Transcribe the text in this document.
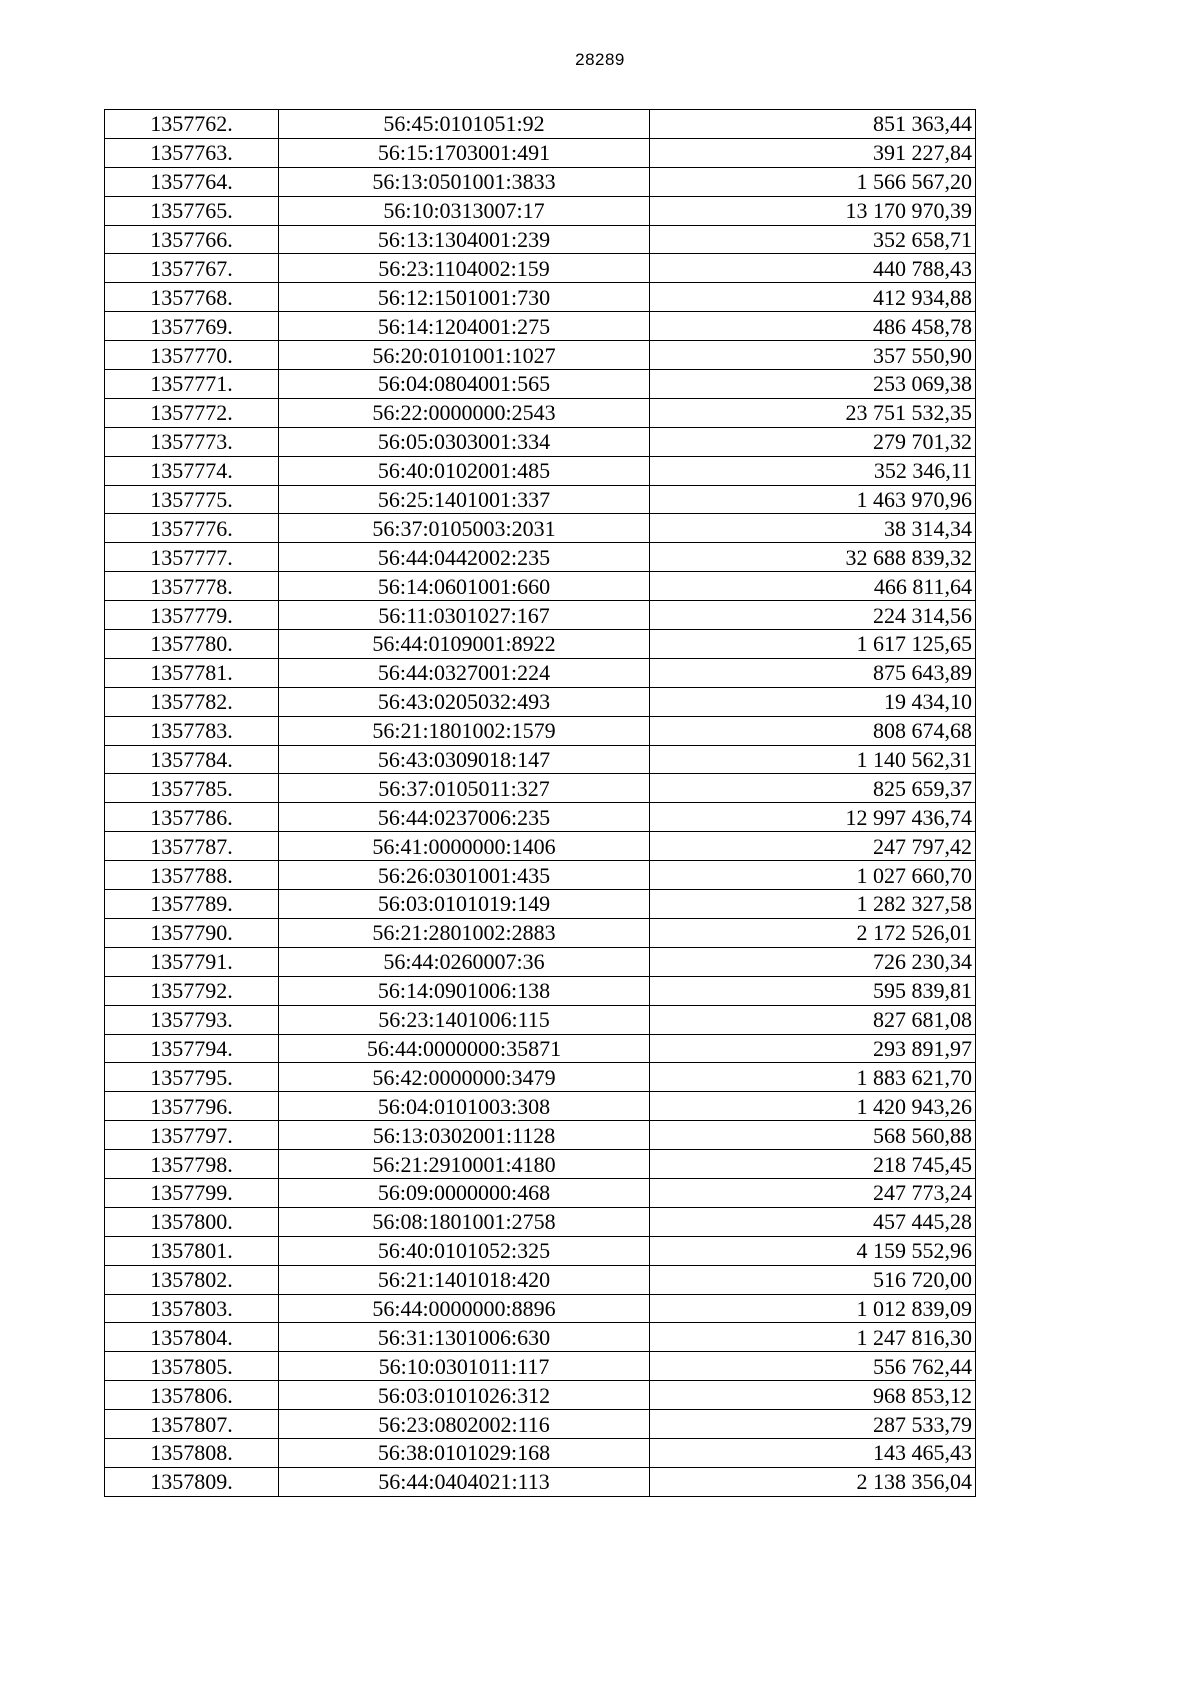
28289
1357762.	56:45:0101051:92	851 363,44
1357763.	56:15:1703001:491	391 227,84
1357764.	56:13:0501001:3833	1 566 567,20
1357765.	56:10:0313007:17	13 170 970,39
1357766.	56:13:1304001:239	352 658,71
1357767.	56:23:1104002:159	440 788,43
1357768.	56:12:1501001:730	412 934,88
1357769.	56:14:1204001:275	486 458,78
1357770.	56:20:0101001:1027	357 550,90
1357771.	56:04:0804001:565	253 069,38
1357772.	56:22:0000000:2543	23 751 532,35
1357773.	56:05:0303001:334	279 701,32
1357774.	56:40:0102001:485	352 346,11
1357775.	56:25:1401001:337	1 463 970,96
1357776.	56:37:0105003:2031	38 314,34
1357777.	56:44:0442002:235	32 688 839,32
1357778.	56:14:0601001:660	466 811,64
1357779.	56:11:0301027:167	224 314,56
1357780.	56:44:0109001:8922	1 617 125,65
1357781.	56:44:0327001:224	875 643,89
1357782.	56:43:0205032:493	19 434,10
1357783.	56:21:1801002:1579	808 674,68
1357784.	56:43:0309018:147	1 140 562,31
1357785.	56:37:0105011:327	825 659,37
1357786.	56:44:0237006:235	12 997 436,74
1357787.	56:41:0000000:1406	247 797,42
1357788.	56:26:0301001:435	1 027 660,70
1357789.	56:03:0101019:149	1 282 327,58
1357790.	56:21:2801002:2883	2 172 526,01
1357791.	56:44:0260007:36	726 230,34
1357792.	56:14:0901006:138	595 839,81
1357793.	56:23:1401006:115	827 681,08
1357794.	56:44:0000000:35871	293 891,97
1357795.	56:42:0000000:3479	1 883 621,70
1357796.	56:04:0101003:308	1 420 943,26
1357797.	56:13:0302001:1128	568 560,88
1357798.	56:21:2910001:4180	218 745,45
1357799.	56:09:0000000:468	247 773,24
1357800.	56:08:1801001:2758	457 445,28
1357801.	56:40:0101052:325	4 159 552,96
1357802.	56:21:1401018:420	516 720,00
1357803.	56:44:0000000:8896	1 012 839,09
1357804.	56:31:1301006:630	1 247 816,30
1357805.	56:10:0301011:117	556 762,44
1357806.	56:03:0101026:312	968 853,12
1357807.	56:23:0802002:116	287 533,79
1357808.	56:38:0101029:168	143 465,43
1357809.	56:44:0404021:113	2 138 356,04
